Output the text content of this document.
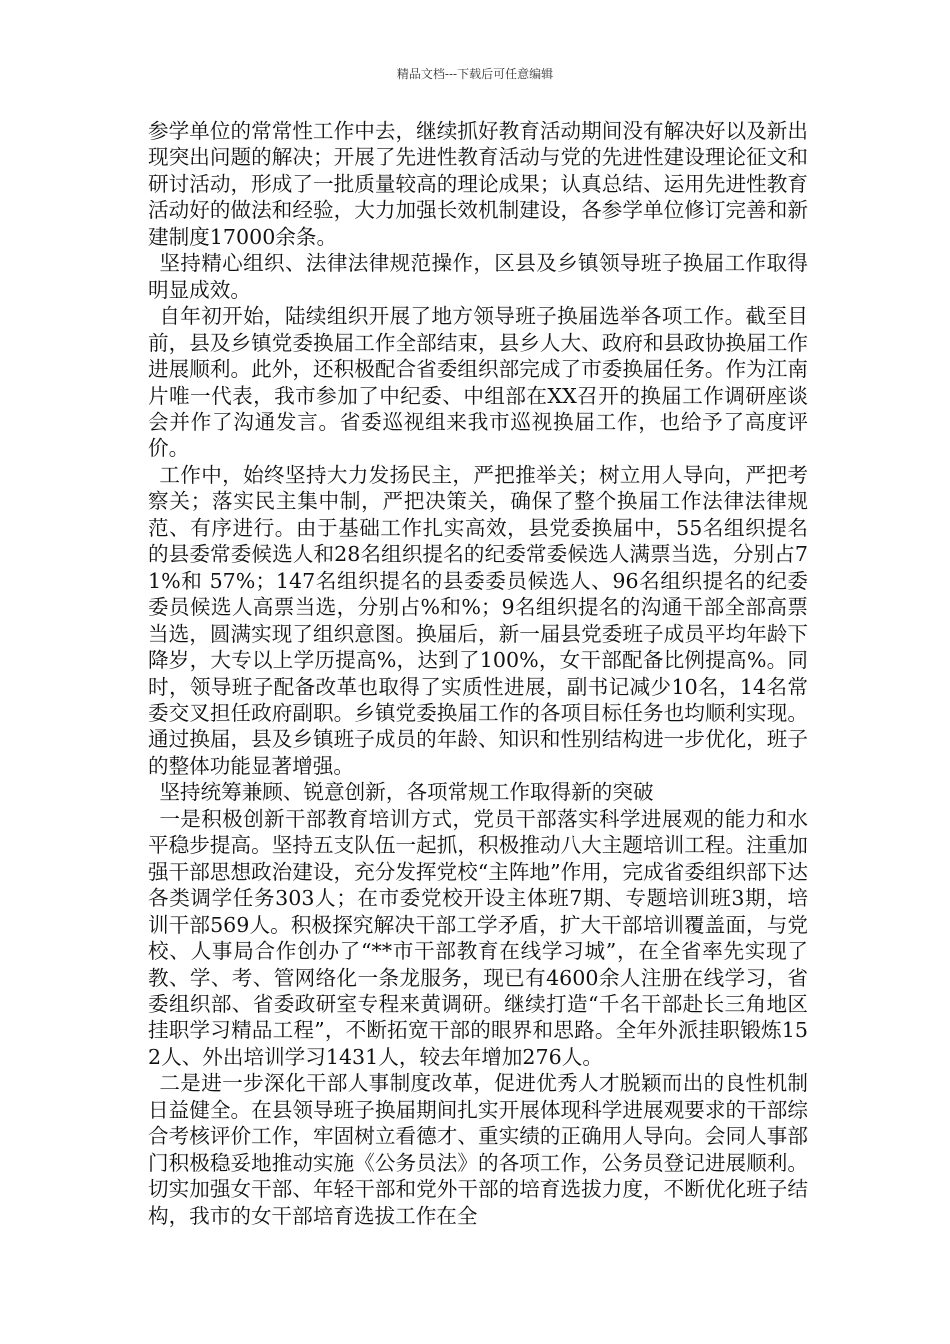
精品文档---下载后可任意编辑

参学单位的常常性工作中去，继续抓好教育活动期间没有解决好以及新出现突出问题的解决；开展了先进性教育活动与党的先进性建设理论征文和研讨活动，形成了一批质量较高的理论成果；认真总结、运用先进性教育活动好的做法和经验，大力加强长效机制建设，各参学单位修订完善和新建制度17000余条。

坚持精心组织、法律法律规范操作，区县及乡镇领导班子换届工作取得明显成效。

自年初开始，陆续组织开展了地方领导班子换届选举各项工作。截至目前，县及乡镇党委换届工作全部结束，县乡人大、政府和县政协换届工作进展顺利。此外，还积极配合省委组织部完成了市委换届任务。作为江南片唯一代表，我市参加了中纪委、中组部在XX召开的换届工作调研座谈会并作了沟通发言。省委巡视组来我市巡视换届工作，也给予了高度评价。

工作中，始终坚持大力发扬民主，严把推举关；树立用人导向，严把考察关；落实民主集中制，严把决策关，确保了整个换届工作法律法律规范、有序进行。由于基础工作扎实高效，县党委换届中，55名组织提名的县委常委候选人和28名组织提名的纪委常委候选人满票当选，分别占71%和 57%；147名组织提名的县委委员候选人、96名组织提名的纪委委员候选人高票当选，分别占%和%；9名组织提名的沟通干部全部高票当选，圆满实现了组织意图。换届后，新一届县党委班子成员平均年龄下降岁，大专以上学历提高%，达到了100%，女干部配备比例提高%。同时，领导班子配备改革也取得了实质性进展，副书记减少10名，14名常委交叉担任政府副职。乡镇党委换届工作的各项目标任务也均顺利实现。通过换届，县及乡镇班子成员的年龄、知识和性别结构进一步优化，班子的整体功能显著增强。

坚持统筹兼顾、锐意创新，各项常规工作取得新的突破

一是积极创新干部教育培训方式，党员干部落实科学进展观的能力和水平稳步提高。坚持五支队伍一起抓，积极推动八大主题培训工程。注重加强干部思想政治建设，充分发挥党校“主阵地”作用，完成省委组织部下达各类调学任务303人；在市委党校开设主体班7期、专题培训班3期，培训干部569人。积极探究解决干部工学矛盾，扩大干部培训覆盖面，与党校、人事局合作创办了“**市干部教育在线学习城”，在全省率先实现了教、学、考、管网络化一条龙服务，现已有4600余人注册在线学习，省委组织部、省委政研室专程来黄调研。继续打造“千名干部赴长三角地区挂职学习精品工程”，不断拓宽干部的眼界和思路。全年外派挂职锻炼152人、外出培训学习1431人，较去年增加276人。

二是进一步深化干部人事制度改革，促进优秀人才脱颖而出的良性机制日益健全。在县领导班子换届期间扎实开展体现科学进展观要求的干部综合考核评价工作，牢固树立看德才、重实绩的正确用人导向。会同人事部门积极稳妥地推动实施《公务员法》的各项工作，公务员登记进展顺利。切实加强女干部、年轻干部和党外干部的培育选拔力度，不断优化班子结构，我市的女干部培育选拔工作在全
